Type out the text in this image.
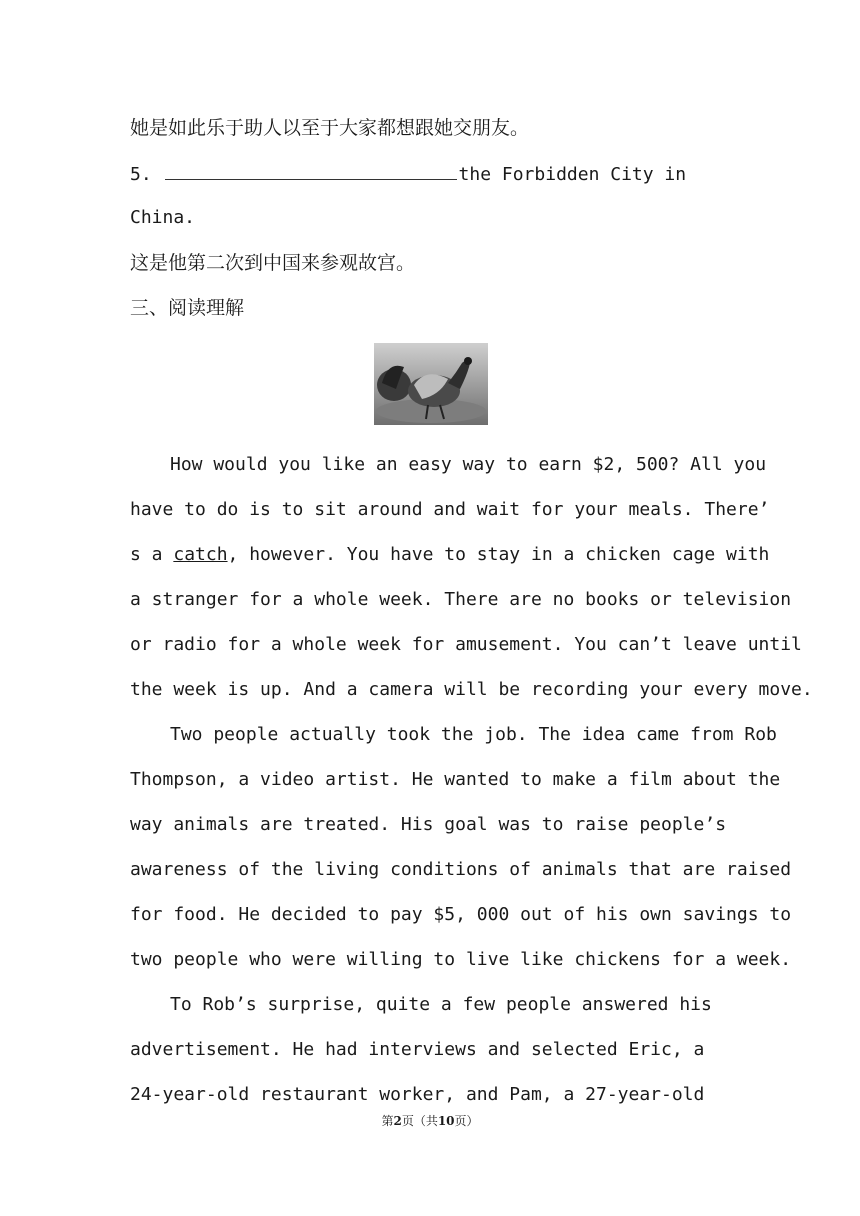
她是如此乐于助人以至于大家都想跟她交朋友。
5.	the Forbidden City in
China.
这是他第二次到中国来参观故宫。
三、阅读理解
How would you like an easy way to earn $2, 500? All you
have to do is to sit around and wait for your meals. There’
s a catch, however. You have to stay in a chicken cage with
a stranger for a whole week. There are no books or television
or radio for a whole week for amusement. You can’t leave until
the week is up. And a camera will be recording your every move.
Two people actually took the job. The idea came from Rob
Thompson, a video artist. He wanted to make a film about the
way animals are treated. His goal was to raise people’s
awareness of the living conditions of animals that are raised
for food. He decided to pay $5, 000 out of his own savings to
two people who were willing to live like chickens for a week.
To Rob’s surprise, quite a few people answered his
advertisement. He had interviews and selected Eric, a
24-year-old restaurant worker, and Pam, a 27-year-old
第2页（共10页）
